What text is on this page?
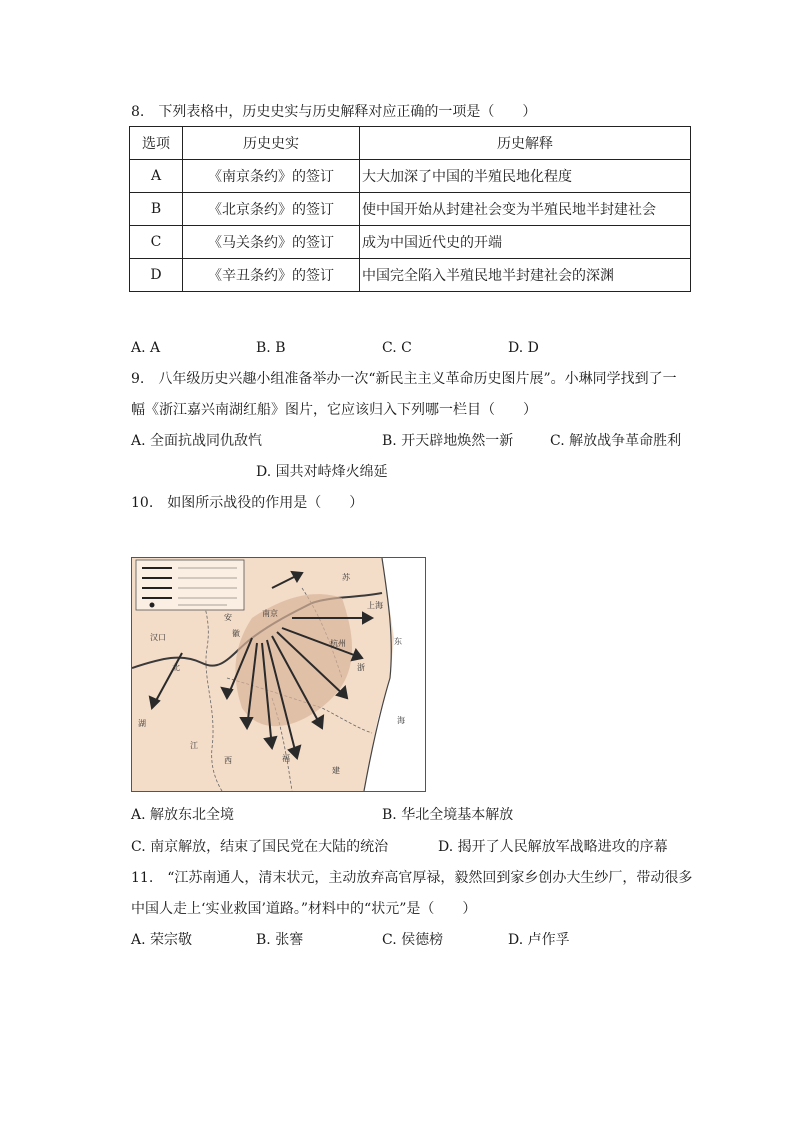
8.　下列表格中，历史史实与历史解释对应正确的一项是（　　）
选项	历史史实	历史解释
A	《南京条约》的签订	大大加深了中国的半殖民地化程度
B	《北京条约》的签订	使中国开始从封建社会变为半殖民地半封建社会
C	《马关条约》的签订	成为中国近代史的开端
D	《辛丑条约》的签订	中国完全陷入半殖民地半封建社会的深渊
A. A	B. B	C. C	D. D
9.　八年级历史兴趣小组准备举办一次“新民主主义革命历史图片展”。小琳同学找到了一
幅《浙江嘉兴南湖红船》图片，它应该归入下列哪一栏目（　　）
A. 全面抗战同仇敌忾	B. 开天辟地焕然一新	C. 解放战争革命胜利
D. 国共对峙烽火绵延
10.　如图所示战役的作用是（　　）
南京
安
徽
汉口
湖
北
江
西	福
建
浙
东
海
杭州
上海
苏
A. 解放东北全境	B. 华北全境基本解放
C. 南京解放，结束了国民党在大陆的统治	D. 揭开了人民解放军战略进攻的序幕
11.　“江苏南通人，清末状元，主动放弃高官厚禄，毅然回到家乡创办大生纱厂，带动很多
中国人走上‘实业救国’道路。”材料中的“状元”是（　　）
A. 荣宗敬	B. 张謇	C. 侯德榜	D. 卢作孚
